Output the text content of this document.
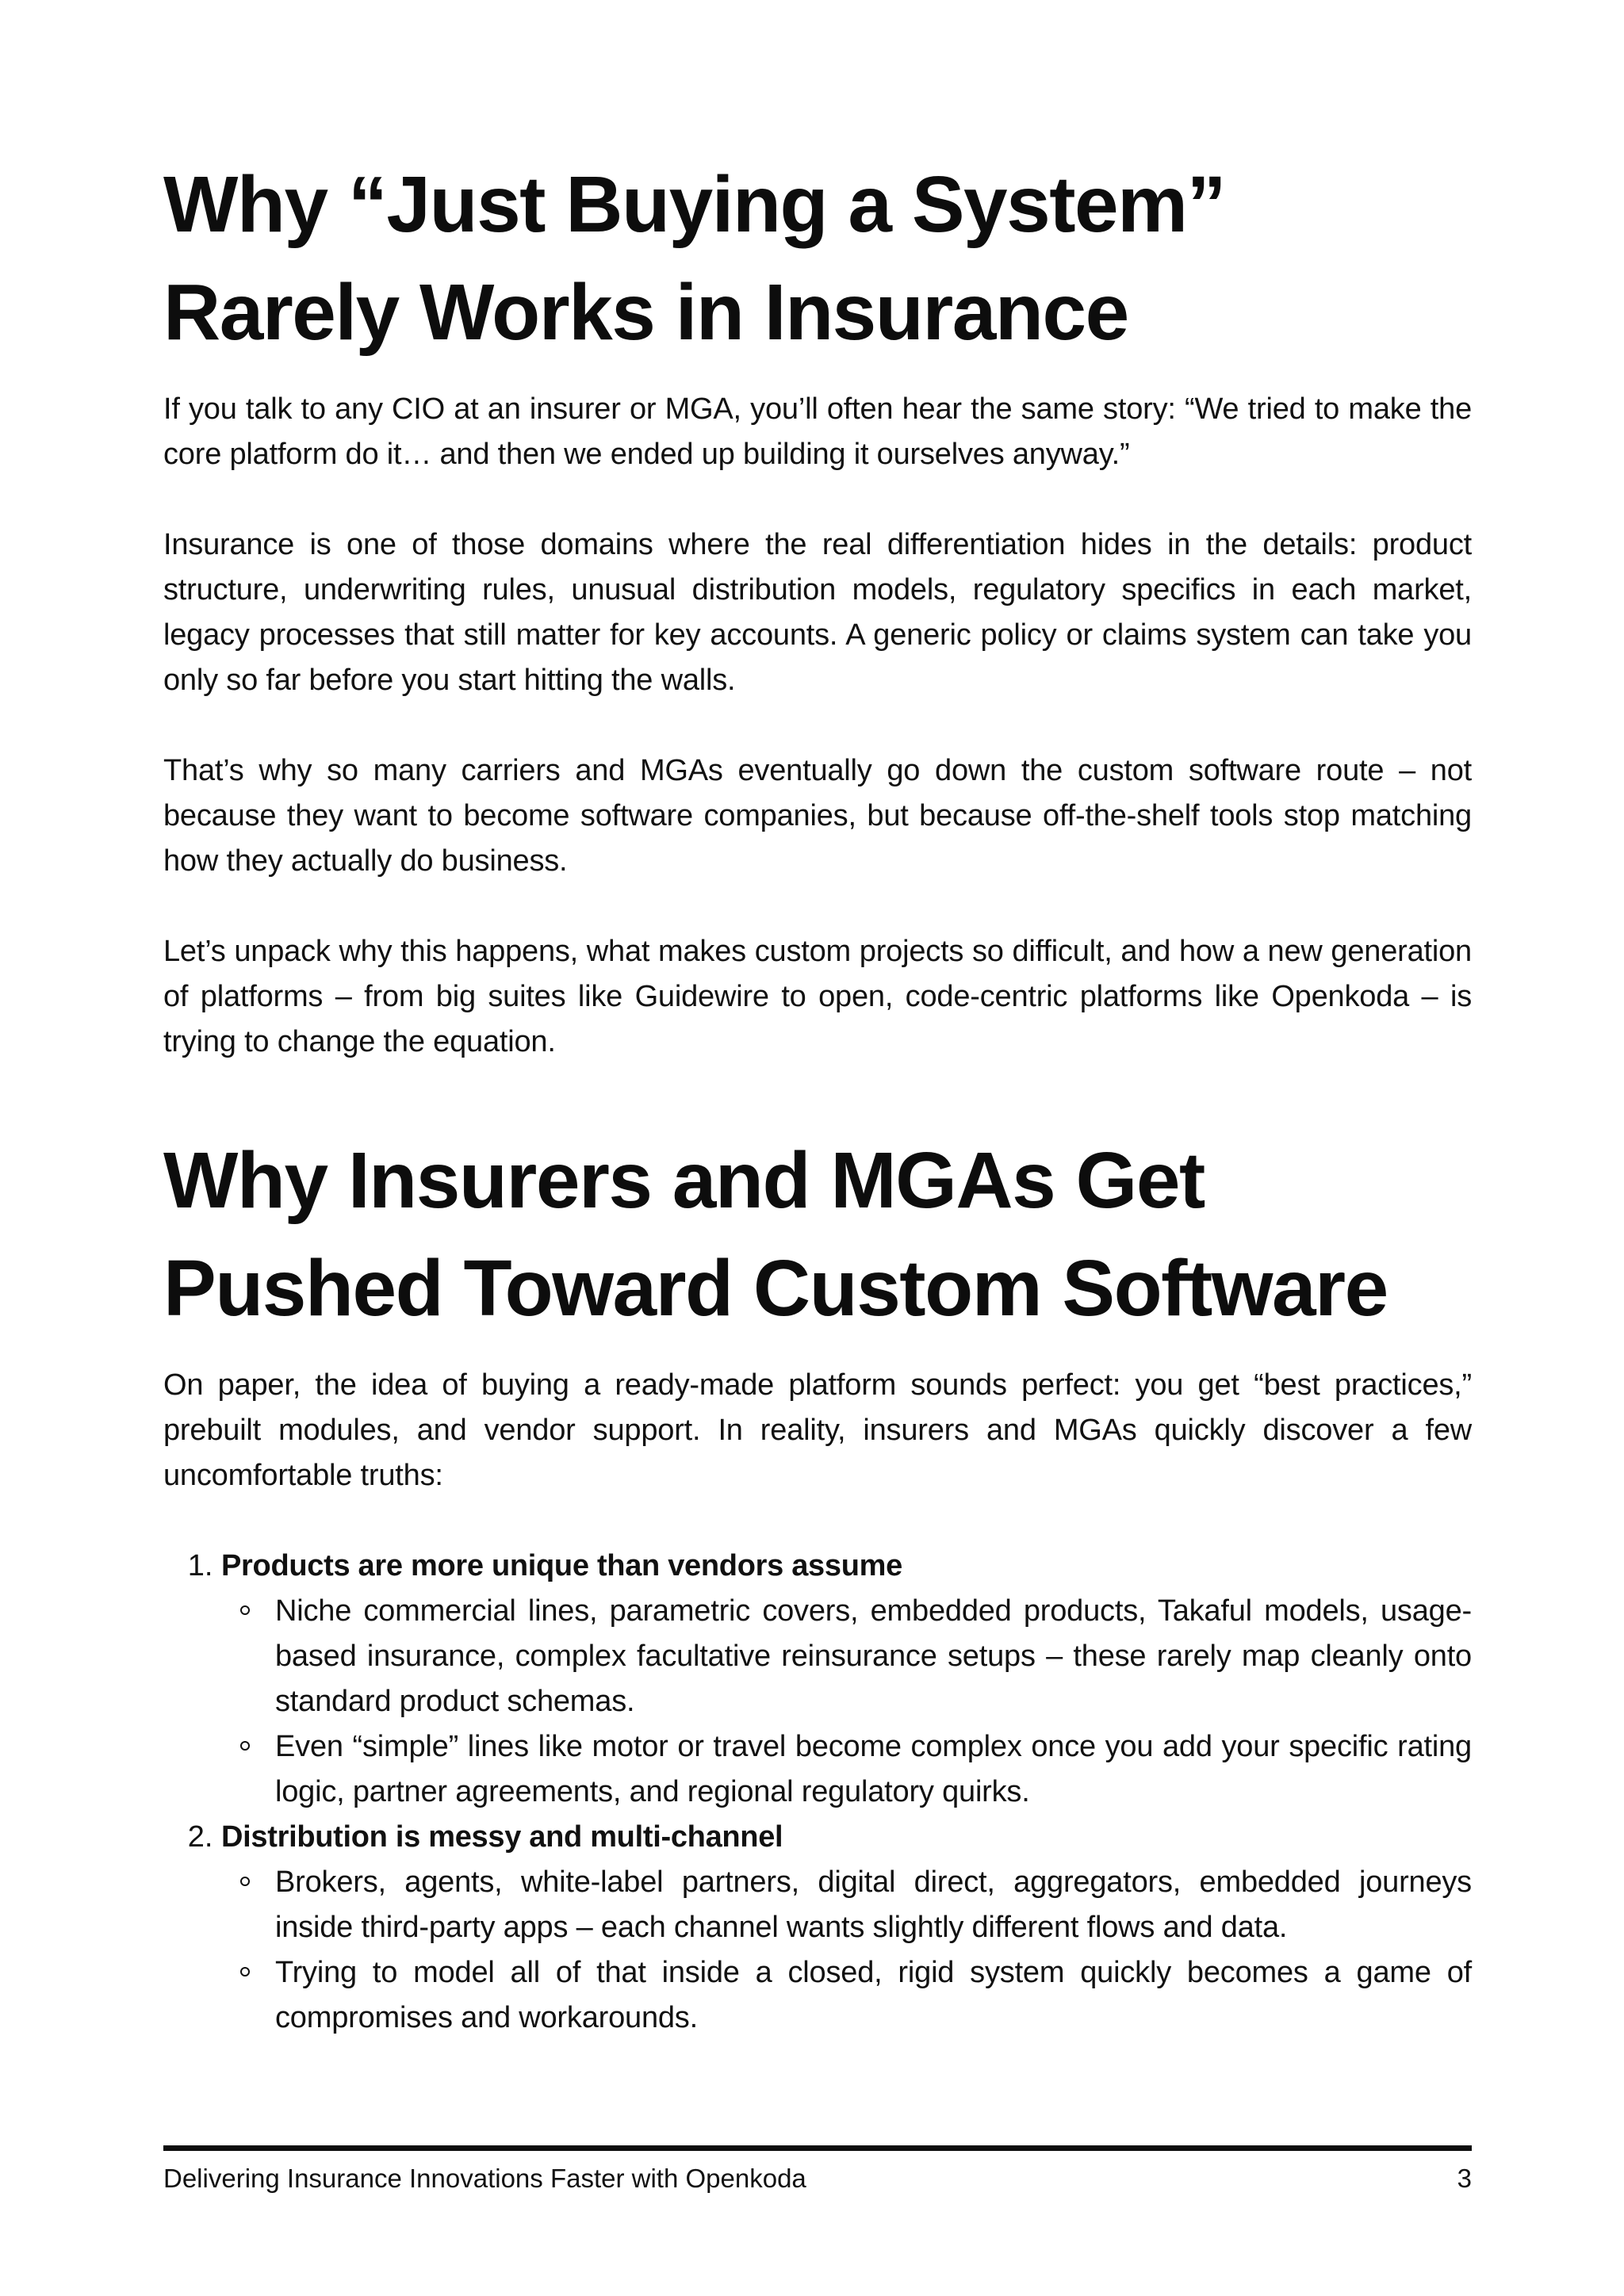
Why “Just Buying a System” Rarely Works in Insurance

If you talk to any CIO at an insurer or MGA, you’ll often hear the same story: “We tried to make the core platform do it… and then we ended up building it ourselves anyway.”

Insurance is one of those domains where the real differentiation hides in the details: product structure, underwriting rules, unusual distribution models, regulatory specifics in each market, legacy processes that still matter for key accounts. A generic policy or claims system can take you only so far before you start hitting the walls.

That’s why so many carriers and MGAs eventually go down the custom software route – not because they want to become software companies, but because off-the-shelf tools stop matching how they actually do business.

Let’s unpack why this happens, what makes custom projects so difficult, and how a new generation of platforms – from big suites like Guidewire to open, code-centric platforms like Openkoda – is trying to change the equation.

Why Insurers and MGAs Get Pushed Toward Custom Software

On paper, the idea of buying a ready-made platform sounds perfect: you get “best practices,” prebuilt modules, and vendor support. In reality, insurers and MGAs quickly discover a few uncomfortable truths:

1. Products are more unique than vendors assume
Niche commercial lines, parametric covers, embedded products, Takaful models, usage-based insurance, complex facultative reinsurance setups – these rarely map cleanly onto standard product schemas.
Even “simple” lines like motor or travel become complex once you add your specific rating logic, partner agreements, and regional regulatory quirks.
2. Distribution is messy and multi-channel
Brokers, agents, white-label partners, digital direct, aggregators, embedded journeys inside third-party apps – each channel wants slightly different flows and data.
Trying to model all of that inside a closed, rigid system quickly becomes a game of compromises and workarounds.
Delivering Insurance Innovations Faster with Openkoda	3
